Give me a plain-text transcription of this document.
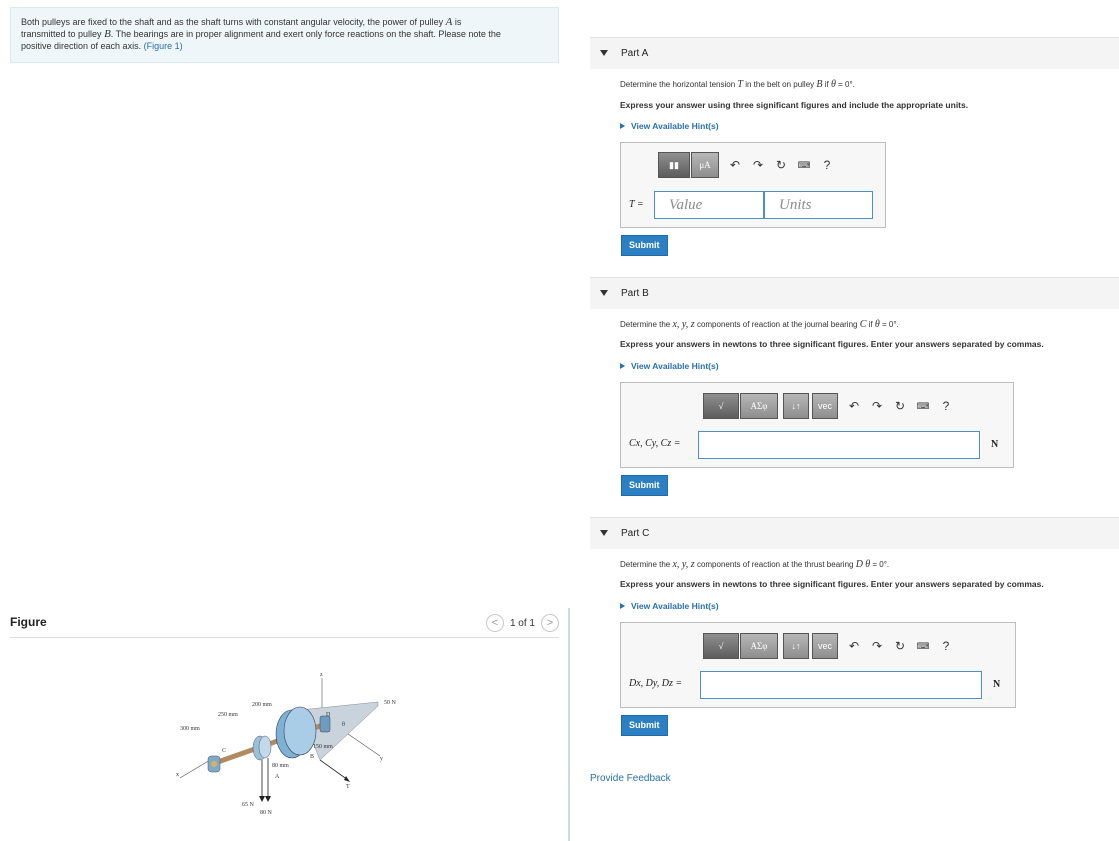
Both pulleys are fixed to the shaft and as the shaft turns with constant angular velocity, the power of pulley A is
transmitted to pulley B. The bearings are in proper alignment and exert only force reactions on the shaft. Please note the
positive direction of each axis. (Figure 1)
Figure	<	1 of 1	>
z
x
y
300 mm
250 mm
200 mm
150 mm
80 mm
50 N
65 N
80 N
C
D
B
A
T
θ
Part A
Determine the horizontal tension T in the belt on pulley B if θ = 0°.
Express your answer using three significant figures and include the appropriate units.
View Available Hint(s)
▮▮	μA	↶ ↷ ↻ ⌨	?
T =	Value	Units
Submit
Part B
Determine the x, y, z components of reaction at the journal bearing C if θ = 0°.
Express your answers in newtons to three significant figures. Enter your answers separated by commas.
View Available Hint(s)
√	ΑΣφ	↓↑	vec	↶ ↷ ↻ ⌨	?
Cx, Cy, Cz =	N
Submit
Part C
Determine the x, y, z components of reaction at the thrust bearing D θ = 0°.
Express your answers in newtons to three significant figures. Enter your answers separated by commas.
View Available Hint(s)
√	ΑΣφ	↓↑	vec	↶ ↷ ↻ ⌨	?
Dx, Dy, Dz =	N
Submit
Provide Feedback
